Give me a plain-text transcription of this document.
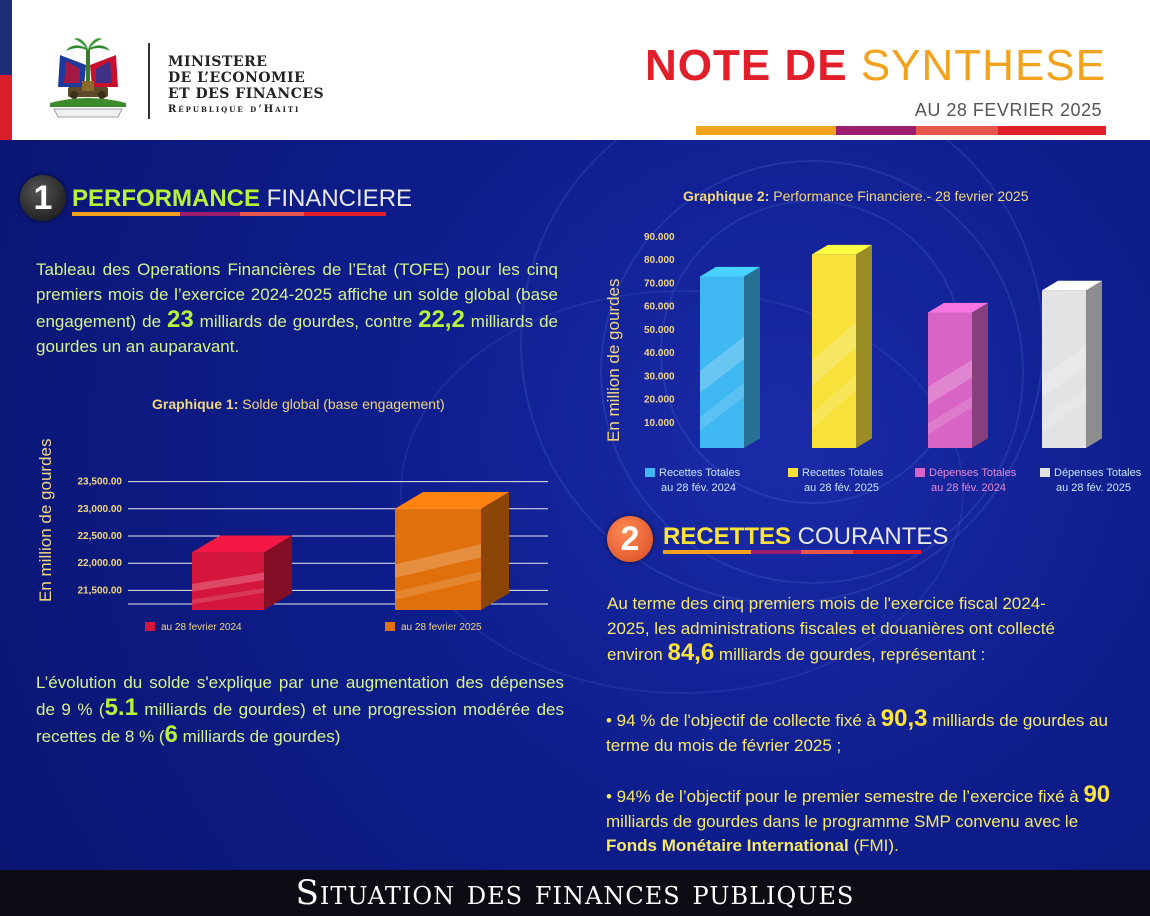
MINISTERE
DE L’ECONOMIE
ET DES FINANCES
République d’Haiti
NOTE DE SYNTHESE
AU 28 FEVRIER 2025
1 PERFORMANCE FINANCIERE
Tableau des Operations Financières de l’Etat (TOFE) pour les cinq premiers mois de l’exercice 2024-2025 affiche un solde global (base engagement) de 23 milliards de gourdes, contre 22,2 milliards de gourdes un an auparavant.
Graphique 1: Solde global (base engagement)
En million de gourdes 21,500.00
22,000.00
22,500.00
23,000.00
23,500.00
au 28 fevrier 2024	au 28 fevrier 2025
L’évolution du solde s'explique par une augmentation des dépenses de 9 % (5.1 milliards de gourdes) et une progression modérée des recettes de 8 % (6 milliards de gourdes)
Graphique 2: Performance Financiere.- 28 fevrier 2025
En million de gourdes 10.000
20.000
30.000
40.000
50.000
60.000
70.000
80.000
90.000
Recettes Totales
au 28 fév. 2024
Recettes Totales
au 28 fév. 2025
Dépenses Totales
au 28 fév. 2024
Dépenses Totales
au 28 fév. 2025
2 RECETTES COURANTES
Au terme des cinq premiers mois de l'exercice fiscal 2024-2025, les administrations fiscales et douanières ont collecté environ 84,6 milliards de gourdes, représentant :
• 94 % de l'objectif de collecte fixé à 90,3 milliards de gourdes au terme du mois de février 2025 ;
• 94% de l’objectif pour le premier semestre de l’exercice fixé à 90 milliards de gourdes dans le programme SMP convenu avec le Fonds Monétaire International (FMI).
Situation des finances publiques
